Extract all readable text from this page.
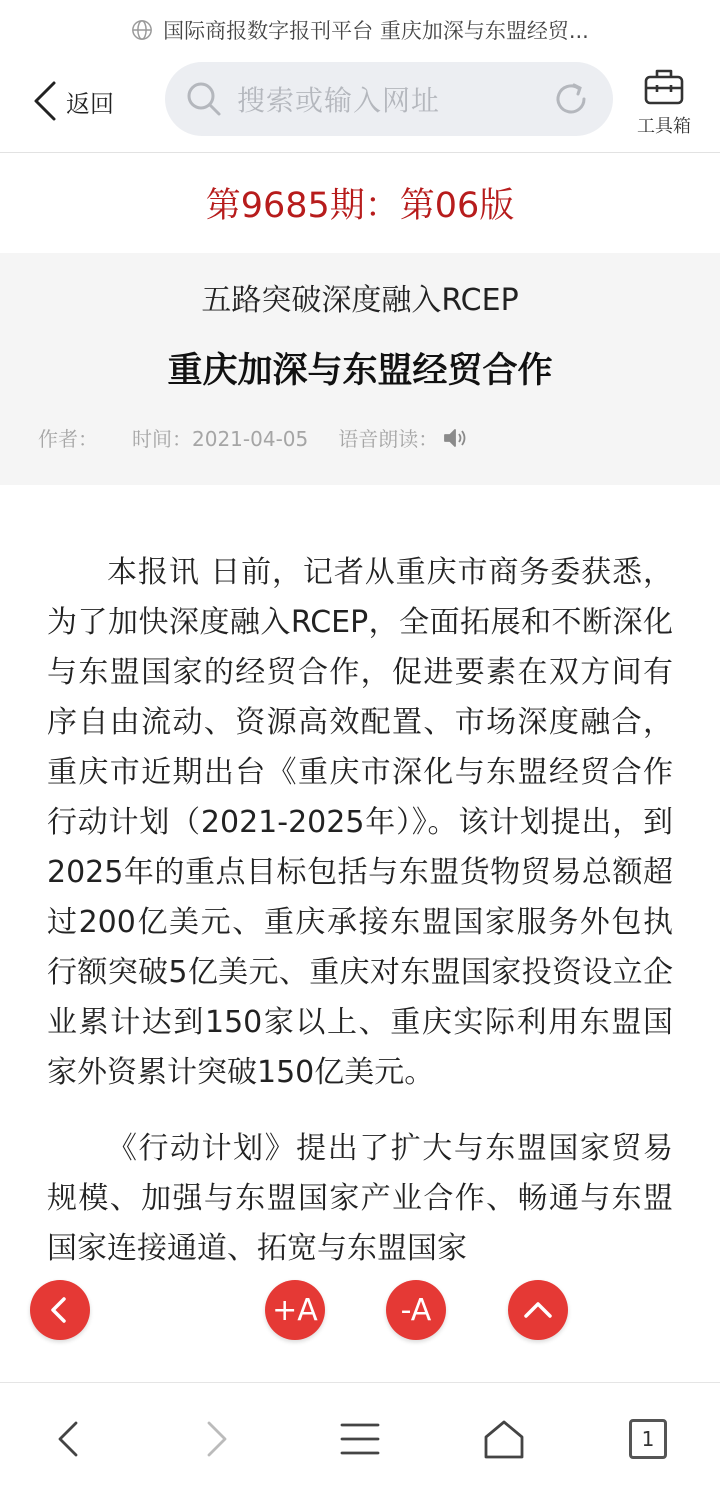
国际商报数字报刊平台 重庆加深与东盟经贸...
返回	搜索或输入网址
工具箱
第9685期：第06版
五路突破深度融入RCEP
重庆加深与东盟经贸合作
作者： 时间：2021-04-05 语音朗读：

本报讯 日前，记者从重庆市商务委获悉，为了加快深度融入RCEP，全面拓展和不断深化与东盟国家的经贸合作，促进要素在双方间有序自由流动、资源高效配置、市场深度融合，重庆市近期出台《重庆市深化与东盟经贸合作行动计划（2021-2025年）》。该计划提出，到2025年的重点目标包括与东盟货物贸易总额超过200亿美元、重庆承接东盟国家服务外包执行额突破5亿美元、重庆对东盟国家投资设立企业累计达到150家以上、重庆实际利用东盟国家外资累计突破150亿美元。

《行动计划》提出了扩大与东盟国家贸易规模、加强与东盟国家产业合作、畅通与东盟国家连接通道、拓宽与东盟国家

+A	-A
1
